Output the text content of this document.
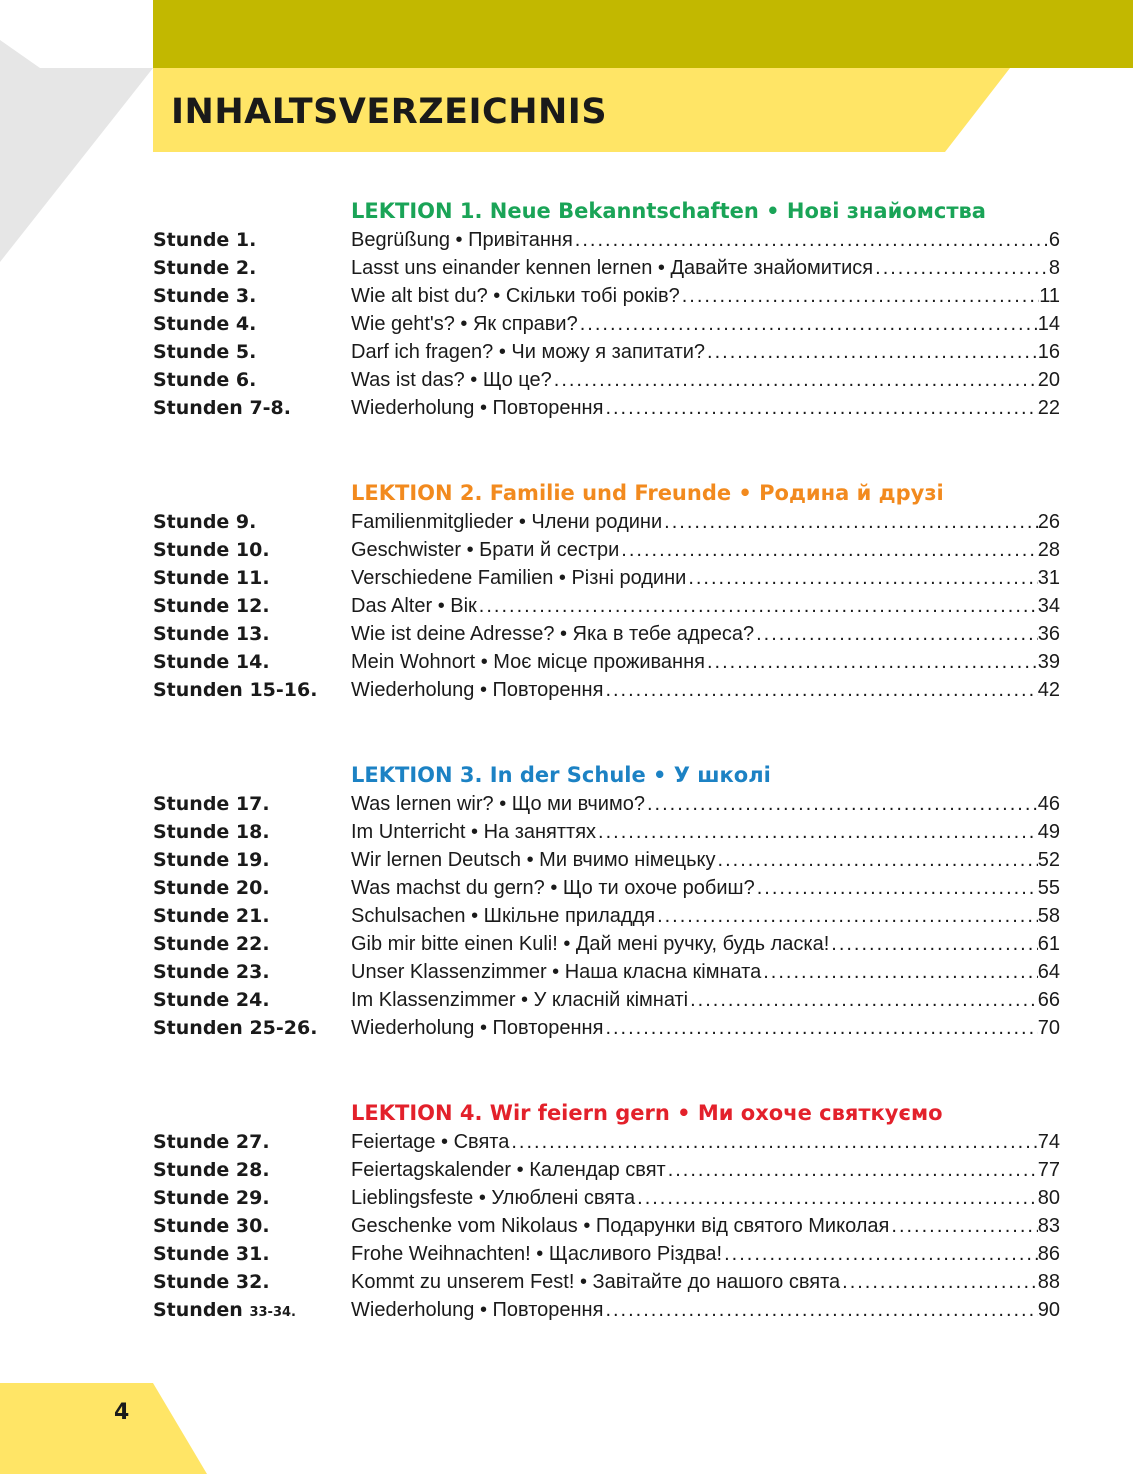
INHALTSVERZEICHNIS
LEKTION 1. Neue Bekanntschaften • Нові знайомства
Stunde 1.	Begrüßung • Привітання .....	6
Stunde 2.	Lasst uns einander kennen lernen • Давайте знайомитися .....	8
Stunde 3.	Wie alt bist du? • Скільки тобі років? .....	11
Stunde 4.	Wie geht's? • Як справи? .....	14
Stunde 5.	Darf ich fragen? • Чи можу я запитати? .....	16
Stunde 6.	Was ist das? • Що це? .....	20
Stunden 7-8.	Wiederholung • Повторення .....	22
LEKTION 2. Familie und Freunde • Родина й друзі
Stunde 9.	Familienmitglieder • Члени родини .....	26
Stunde 10.	Geschwister • Брати й сестри .....	28
Stunde 11.	Verschiedene Familien • Різні родини .....	31
Stunde 12.	Das Alter • Вік .....	34
Stunde 13.	Wie ist deine Adresse? • Яка в тебе адреса? .....	36
Stunde 14.	Mein Wohnort • Моє місце проживання .....	39
Stunden 15-16.	Wiederholung • Повторення .....	42
LEKTION 3. In der Schule • У школі
Stunde 17.	Was lernen wir? • Що ми вчимо? .....	46
Stunde 18.	Im Unterricht • На заняттях .....	49
Stunde 19.	Wir lernen Deutsch • Ми вчимо німецьку .....	52
Stunde 20.	Was machst du gern? • Що ти охоче робиш? .....	55
Stunde 21.	Schulsachen • Шкільне приладдя .....	58
Stunde 22.	Gib mir bitte einen Kuli! • Дай мені ручку, будь ласка! .....	61
Stunde 23.	Unser Klassenzimmer • Наша класна кімната .....	64
Stunde 24.	Im Klassenzimmer • У класній кімнаті .....	66
Stunden 25-26.	Wiederholung • Повторення .....	70
LEKTION 4. Wir feiern gern • Ми охоче святкуємо
Stunde 27.	Feiertage • Свята .....	74
Stunde 28.	Feiertagskalender • Календар свят .....	77
Stunde 29.	Lieblingsfeste • Улюблені свята .....	80
Stunde 30.	Geschenke vom Nikolaus • Подарунки від святого Миколая .....	83
Stunde 31.	Frohe Weihnachten! • Щасливого Різдва! .....	86
Stunde 32.	Kommt zu unserem Fest! • Завітайте до нашого свята .....	88
Stunden 33-34.	Wiederholung • Повторення .....	90
4
